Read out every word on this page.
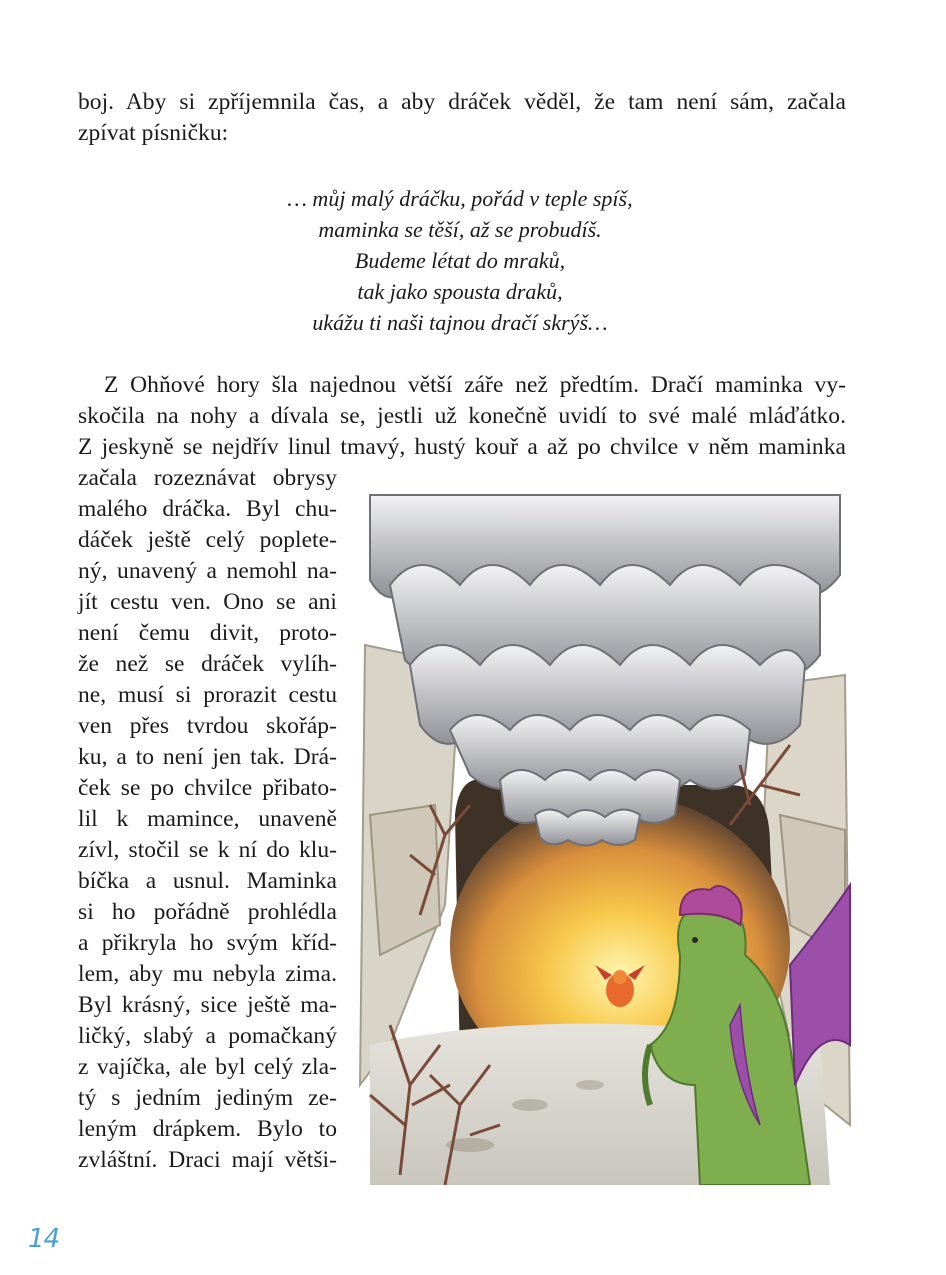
boj. Aby si zpříjemnila čas, a aby dráček věděl, že tam není sám, začala
zpívat písničku:
… můj malý dráčku, pořád v teple spíš,
maminka se těší, až se probudíš.
Budeme létat do mraků,
tak jako spousta draků,
ukážu ti naši tajnou dračí skrýš…
Z Ohňové hory šla najednou větší záře než předtím. Dračí maminka vy-
skočila na nohy a dívala se, jestli už konečně uvidí to své malé mláďátko.
Z jeskyně se nejdřív linul tmavý, hustý kouř a až po chvilce v něm maminka
začala rozeznávat obrysy
malého dráčka. Byl chu-
dáček ještě celý poplete-
ný, unavený a nemohl na-
jít cestu ven. Ono se ani
není čemu divit, proto-
že než se dráček vylíh-
ne, musí si prorazit cestu
ven přes tvrdou skořáp-
ku, a to není jen tak. Drá-
ček se po chvilce přibato-
lil k mamince, unaveně
zívl, stočil se k ní do klu-
bíčka a usnul. Maminka
si ho pořádně prohlédla
a přikryla ho svým kříd-
lem, aby mu nebyla zima.
Byl krásný, sice ještě ma-
ličký, slabý a pomačkaný
z vajíčka, ale byl celý zla-
tý s jedním jediným ze-
leným drápkem. Bylo to
zvláštní. Draci mají větši-
14
